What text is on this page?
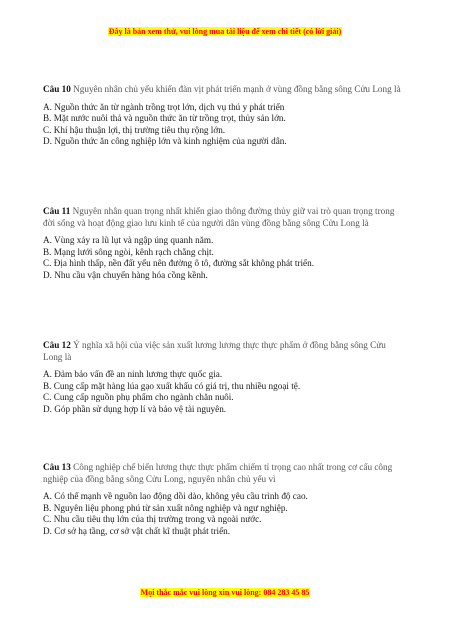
Đây là bản xem thử, vui lòng mua tài liệu để xem chi tiết (có lời giải)

Câu 10 Nguyên nhân chủ yếu khiến đàn vịt phát triển mạnh ở vùng đồng bằng sông Cửu Long là

A. Nguồn thức ăn từ ngành trồng trọt lớn, dịch vụ thú y phát triển

B. Mặt nước nuôi thả và nguồn thức ăn từ trồng trọt, thủy sản lớn.

C. Khí hậu thuận lợi, thị trường tiêu thụ rộng lớn.

D. Nguồn thức ăn công nghiệp lớn và kinh nghiệm của người dân.

Câu 11 Nguyên nhân quan trọng nhất khiến giao thông đường thủy giữ vai trò quan trọng trong đời sống và hoạt động giao lưu kinh tế của người dân vùng đồng bằng sông Cửu Long là

A. Vùng xảy ra lũ lụt và ngập úng quanh năm.

B. Mạng lưới sông ngòi, kênh rạch chằng chịt.

C. Địa hình thấp, nền đất yếu nên đường ô tô, đường sắt không phát triển.

D. Nhu cầu vận chuyển hàng hóa cồng kềnh.

Câu 12 Ý nghĩa xã hội của việc sản xuất lương lương thực thực phẩm ở đồng bằng sông Cửu Long là

A. Đảm bảo vấn đề an ninh lương thực quốc gia.

B. Cung cấp mặt hàng lúa gạo xuất khẩu có giá trị, thu nhiều ngoại tệ.

C. Cung cấp nguồn phụ phẩm cho ngành chăn nuôi.

D. Góp phần sử dụng hợp lí và bảo vệ tài nguyên.

Câu 13 Công nghiệp chế biến lương thực thực phẩm chiếm tỉ trọng cao nhất trong cơ cấu công nghiệp của đồng bằng sông Cửu Long, nguyên nhân chủ yếu vì

A. Có thế mạnh về nguồn lao động dồi dào, không yêu cầu trình độ cao.

B. Nguyên liệu phong phú từ sản xuất nông nghiệp và ngư nghiệp.

C. Nhu cầu tiêu thụ lớn của thị trường trong và ngoài nước.

D. Cơ sở hạ tầng, cơ sở vật chất kĩ thuật phát triển.

Mọi thắc mắc vui lòng xin vui lòng: 084 283 45 85
